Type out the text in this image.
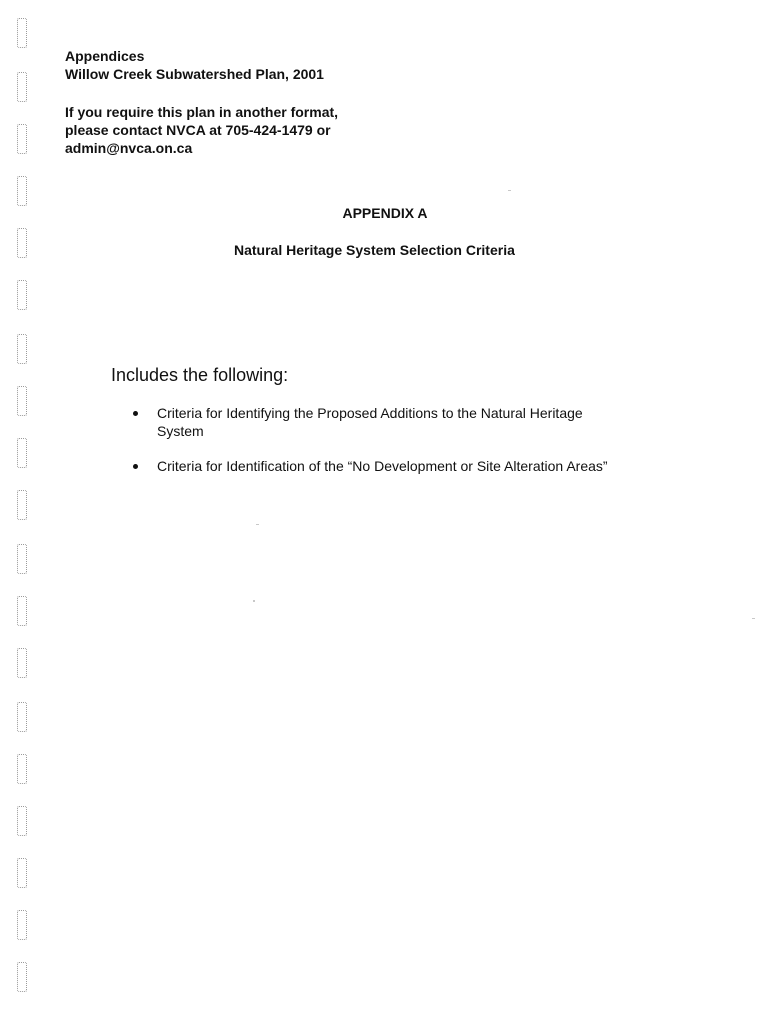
Appendices
Willow Creek Subwatershed Plan, 2001
If you require this plan in another format,
please contact NVCA at 705-424-1479 or
admin@nvca.on.ca
APPENDIX A
Natural Heritage System Selection Criteria
Includes the following:
Criteria for Identifying the Proposed Additions to the Natural Heritage
System
Criteria for Identification of the “No Development or Site Alteration Areas”
